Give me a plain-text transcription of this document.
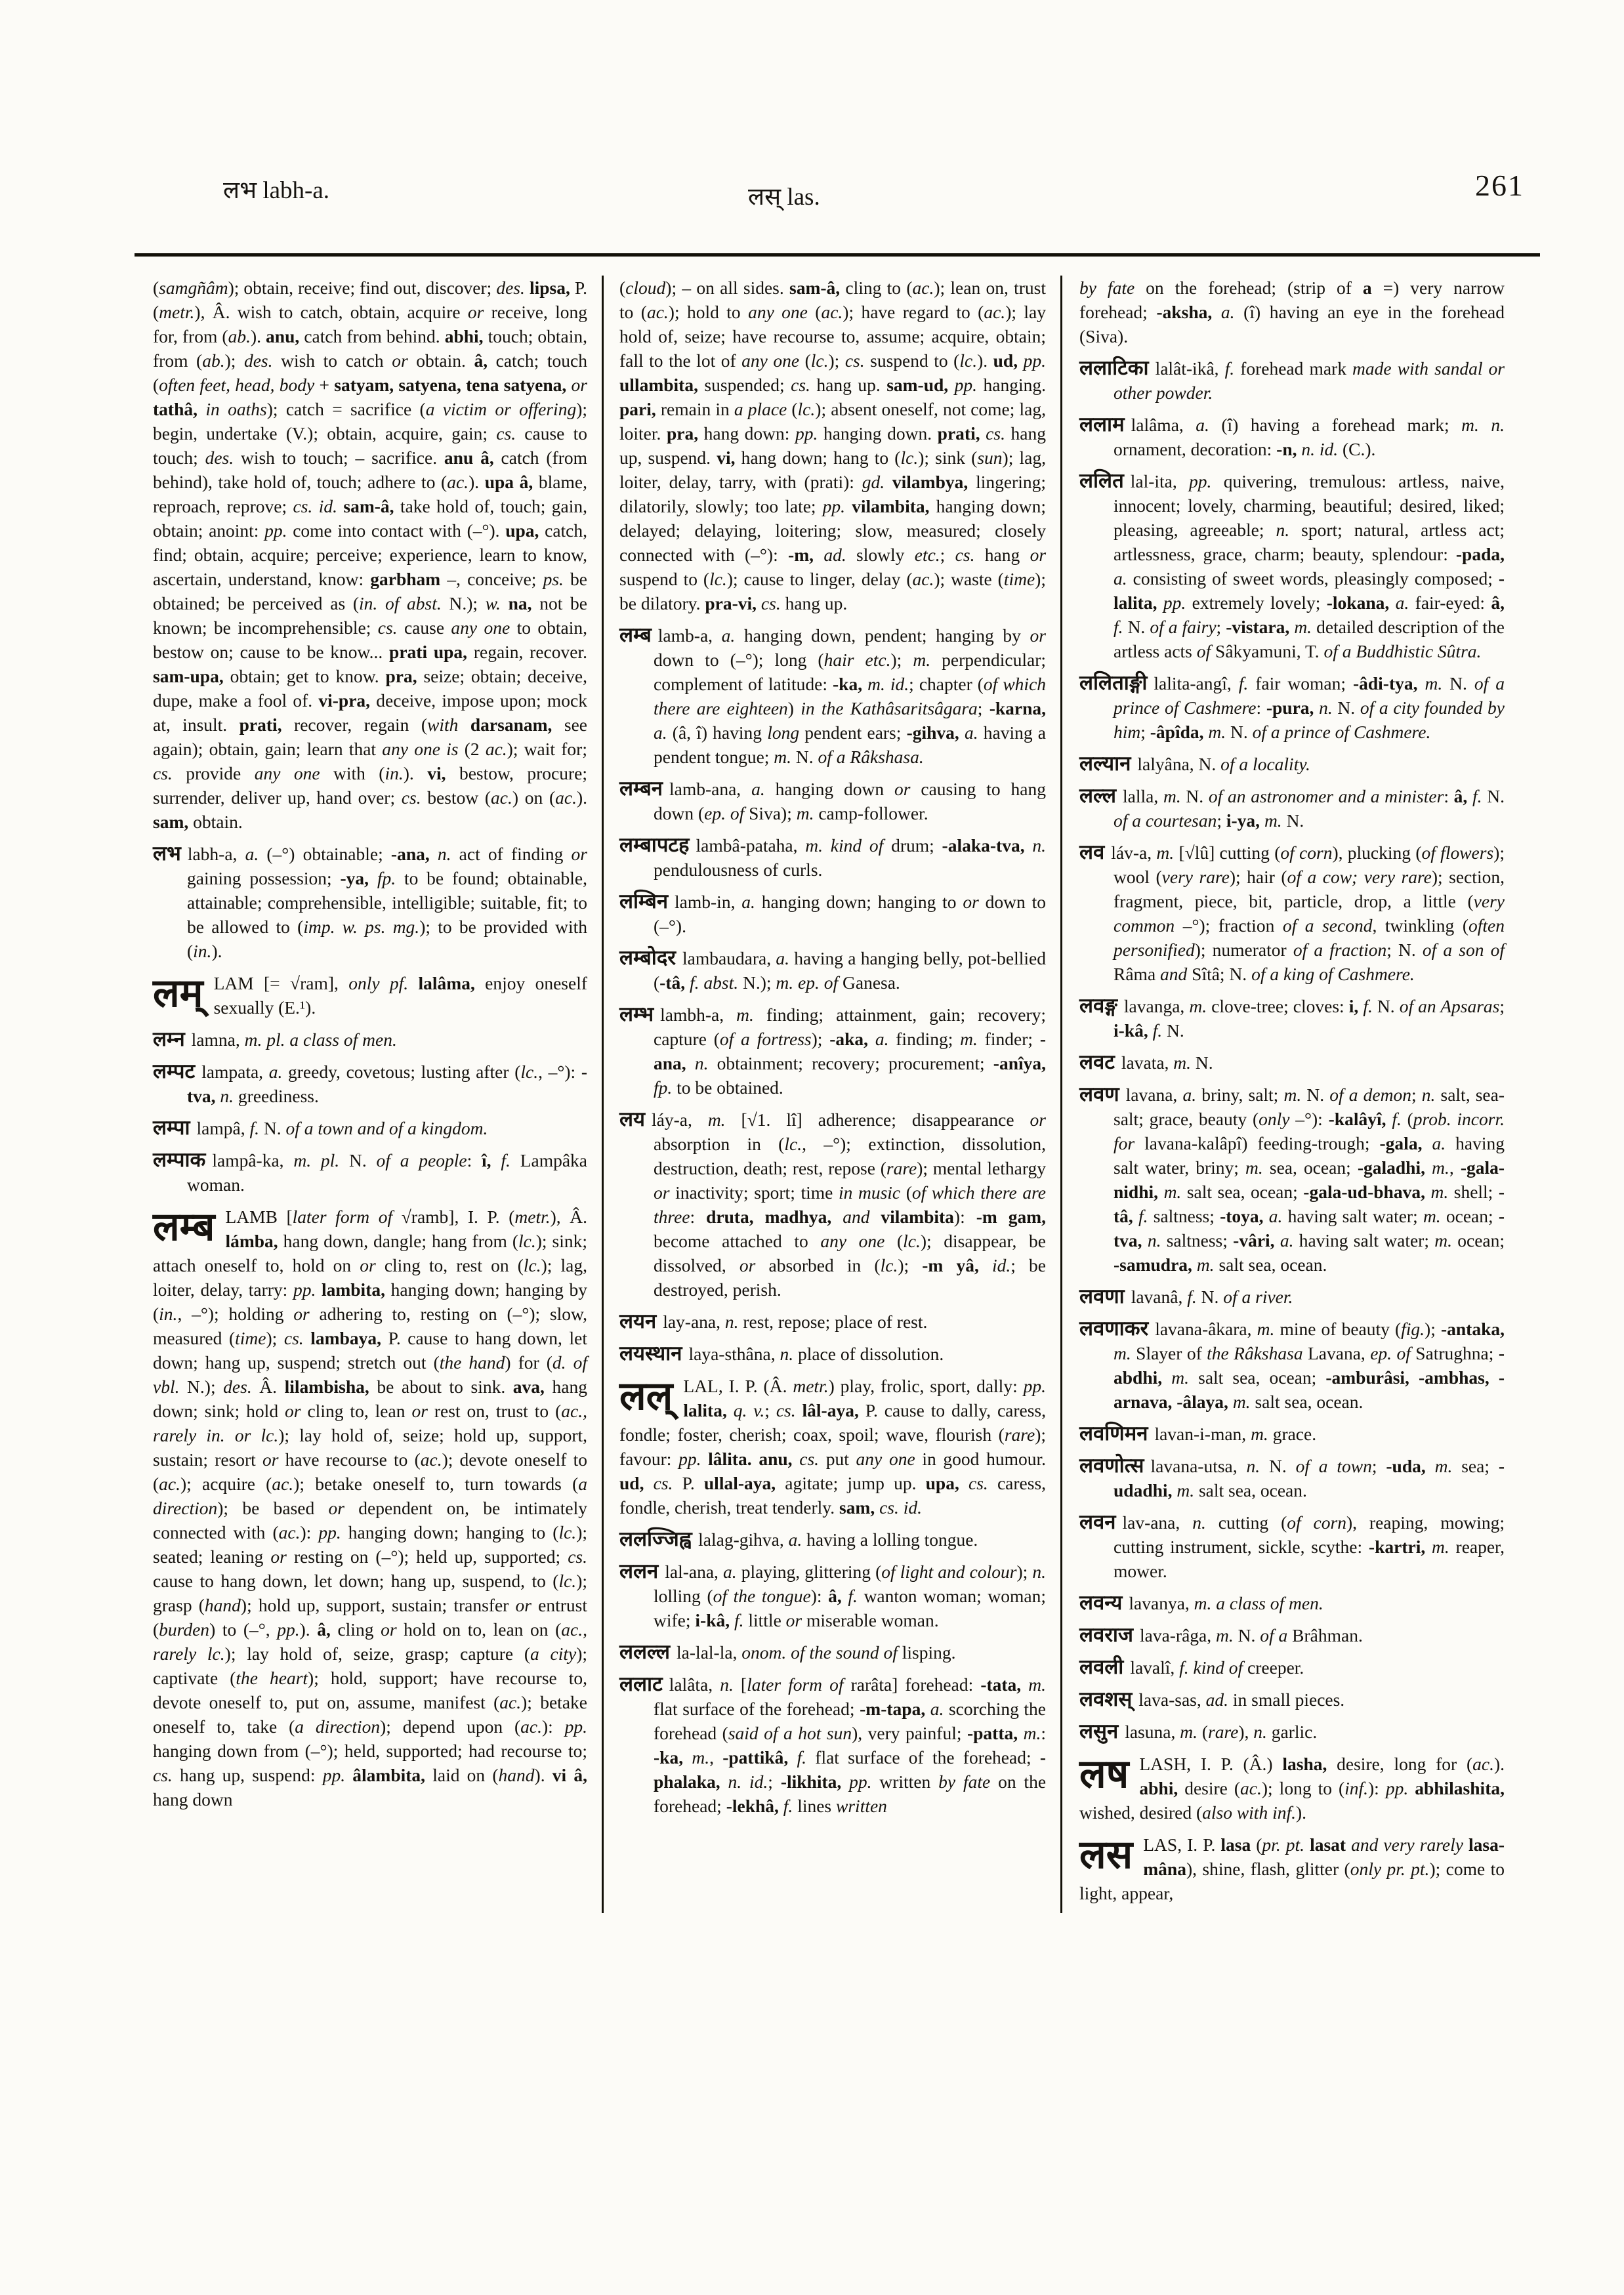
लभ labh-a.	लस् las.	261

(samgñâm); obtain, receive; find out, discover; des. lipsa, P. (metr.), Â. wish to catch, obtain, acquire or receive, long for, from (ab.). anu, catch from behind. abhi, touch; obtain, from (ab.); des. wish to catch or obtain. â, catch; touch (often feet, head, body + satyam, satyena, tena satyena, or tathâ, in oaths); catch = sacrifice (a victim or offering); begin, undertake (V.); obtain, acquire, gain; cs. cause to touch; des. wish to touch; – sacrifice. anu â, catch (from behind), take hold of, touch; adhere to (ac.). upa â, blame, reproach, reprove; cs. id. sam-â, take hold of, touch; gain, obtain; anoint: pp. come into contact with (–°). upa, catch, find; obtain, acquire; perceive; experience, learn to know, ascertain, understand, know: garbham –, conceive; ps. be obtained; be perceived as (in. of abst. N.); w. na, not be known; be incomprehensible; cs. cause any one to obtain, bestow on; cause to be know... prati upa, regain, recover. sam-upa, obtain; get to know. pra, seize; obtain; deceive, dupe, make a fool of. vi-pra, deceive, impose upon; mock at, insult. prati, recover, regain (with darsanam, see again); obtain, gain; learn that any one is (2 ac.); wait for; cs. provide any one with (in.). vi, bestow, procure; surrender, deliver up, hand over; cs. bestow (ac.) on (ac.). sam, obtain.

लभ labh-a, a. (–°) obtainable; -ana, n. act of finding or gaining possession; -ya, fp. to be found; obtainable, attainable; comprehensible, intelligible; suitable, fit; to be allowed to (imp. w. ps. mg.); to be provided with (in.).

लम् LAM [= √ram], only pf. lalâma, enjoy oneself sexually (E.¹).

लम्न lamna, m. pl. a class of men.

लम्पट lampata, a. greedy, covetous; lusting after (lc., –°): -tva, n. greediness.

लम्पा lampâ, f. N. of a town and of a kingdom.

लम्पाक lampâ-ka, m. pl. N. of a people: î, f. Lampâka woman.

लम्ब LAMB [later form of √ramb], I. P. (metr.), Â. lámba, hang down, dangle; hang from (lc.); sink; attach oneself to, hold on or cling to, rest on (lc.); lag, loiter, delay, tarry: pp. lambita, hanging down; hanging by (in., –°); holding or adhering to, resting on (–°); slow, measured (time); cs. lambaya, P. cause to hang down, let down; hang up, suspend; stretch out (the hand) for (d. of vbl. N.); des. Â. lilambisha, be about to sink. ava, hang down; sink; hold or cling to, lean or rest on, trust to (ac., rarely in. or lc.); lay hold of, seize; hold up, support, sustain; resort or have recourse to (ac.); devote oneself to (ac.); acquire (ac.); betake oneself to, turn towards (a direction); be based or dependent on, be intimately connected with (ac.): pp. hanging down; hanging to (lc.); seated; leaning or resting on (–°); held up, supported; cs. cause to hang down, let down; hang up, suspend, to (lc.); grasp (hand); hold up, support, sustain; transfer or entrust (burden) to (–°, pp.). â, cling or hold on to, lean on (ac., rarely lc.); lay hold of, seize, grasp; capture (a city); captivate (the heart); hold, support; have recourse to, devote oneself to, put on, assume, manifest (ac.); betake oneself to, take (a direction); depend upon (ac.): pp. hanging down from (–°); held, supported; had recourse to; cs. hang up, suspend: pp. âlambita, laid on (hand). vi â, hang down

(cloud); – on all sides. sam-â, cling to (ac.); lean on, trust to (ac.); hold to any one (ac.); have regard to (ac.); lay hold of, seize; have recourse to, assume; acquire, obtain; fall to the lot of any one (lc.); cs. suspend to (lc.). ud, pp. ullambita, suspended; cs. hang up. sam-ud, pp. hanging. pari, remain in a place (lc.); absent oneself, not come; lag, loiter. pra, hang down: pp. hanging down. prati, cs. hang up, suspend. vi, hang down; hang to (lc.); sink (sun); lag, loiter, delay, tarry, with (prati): gd. vilambya, lingering; dilatorily, slowly; too late; pp. vilambita, hanging down; delayed; delaying, loitering; slow, measured; closely connected with (–°): -m, ad. slowly etc.; cs. hang or suspend to (lc.); cause to linger, delay (ac.); waste (time); be dilatory. pra-vi, cs. hang up.

लम्ब lamb-a, a. hanging down, pendent; hanging by or down to (–°); long (hair etc.); m. perpendicular; complement of latitude: -ka, m. id.; chapter (of which there are eighteen) in the Kathâsaritsâgara; -karna, a. (â, î) having long pendent ears; -gihva, a. having a pendent tongue; m. N. of a Râkshasa.

लम्बन lamb-ana, a. hanging down or causing to hang down (ep. of Siva); m. camp-follower.

लम्बापटह lambâ-pataha, m. kind of drum; -alaka-tva, n. pendulousness of curls.

लम्बिन lamb-in, a. hanging down; hanging to or down to (–°).

लम्बोदर lambaudara, a. having a hanging belly, pot-bellied (-tâ, f. abst. N.); m. ep. of Ganesa.

लम्भ lambh-a, m. finding; attainment, gain; recovery; capture (of a fortress); -aka, a. finding; m. finder; -ana, n. obtainment; recovery; procurement; -anîya, fp. to be obtained.

लय láy-a, m. [√1. lî] adherence; disappearance or absorption in (lc., –°); extinction, dissolution, destruction, death; rest, repose (rare); mental lethargy or inactivity; sport; time in music (of which there are three: druta, madhya, and vilambita): -m gam, become attached to any one (lc.); disappear, be dissolved, or absorbed in (lc.); -m yâ, id.; be destroyed, perish.

लयन lay-ana, n. rest, repose; place of rest.

लयस्थान laya-sthâna, n. place of dissolution.

लल् LAL, I. P. (Â. metr.) play, frolic, sport, dally: pp. lalita, q. v.; cs. lâl-aya, P. cause to dally, caress, fondle; foster, cherish; coax, spoil; wave, flourish (rare); favour: pp. lâlita. anu, cs. put any one in good humour. ud, cs. P. ullal-aya, agitate; jump up. upa, cs. caress, fondle, cherish, treat tenderly. sam, cs. id.

ललज्जिह्व lalag-gihva, a. having a lolling tongue.

ललन lal-ana, a. playing, glittering (of light and colour); n. lolling (of the tongue): â, f. wanton woman; woman; wife; i-kâ, f. little or miserable woman.

ललल्ल la-lal-la, onom. of the sound of lisping.

ललाट lalâta, n. [later form of rarâta] forehead: -tata, m. flat surface of the forehead; -m-tapa, a. scorching the forehead (said of a hot sun), very painful; -patta, m.: -ka, m., -pattikâ, f. flat surface of the forehead; -phalaka, n. id.; -likhita, pp. written by fate on the forehead; -lekhâ, f. lines written

by fate on the forehead; (strip of a =) very narrow forehead; -aksha, a. (î) having an eye in the forehead (Siva).

ललाटिका lalât-ikâ, f. forehead mark made with sandal or other powder.

ललाम lalâma, a. (î) having a forehead mark; m. n. ornament, decoration: -n, n. id. (C.).

ललित lal-ita, pp. quivering, tremulous: artless, naive, innocent; lovely, charming, beautiful; desired, liked; pleasing, agreeable; n. sport; natural, artless act; artlessness, grace, charm; beauty, splendour: -pada, a. consisting of sweet words, pleasingly composed; -lalita, pp. extremely lovely; -lokana, a. fair-eyed: â, f. N. of a fairy; -vistara, m. detailed description of the artless acts of Sâkyamuni, T. of a Buddhistic Sûtra.

ललिताङ्गी lalita-angî, f. fair woman; -âdi-tya, m. N. of a prince of Cashmere: -pura, n. N. of a city founded by him; -âpîda, m. N. of a prince of Cashmere.

लल्यान lalyâna, N. of a locality.

लल्ल lalla, m. N. of an astronomer and a minister: â, f. N. of a courtesan; i-ya, m. N.

लव láv-a, m. [√lû] cutting (of corn), plucking (of flowers); wool (very rare); hair (of a cow; very rare); section, fragment, piece, bit, particle, drop, a little (very common –°); fraction of a second, twinkling (often personified); numerator of a fraction; N. of a son of Râma and Sîtâ; N. of a king of Cashmere.

लवङ्ग lavanga, m. clove-tree; cloves: i, f. N. of an Apsaras; i-kâ, f. N.

लवट lavata, m. N.

लवण lavana, a. briny, salt; m. N. of a demon; n. salt, sea-salt; grace, beauty (only –°): -kalâyî, f. (prob. incorr. for lavana-kalâpî) feeding-trough; -gala, a. having salt water, briny; m. sea, ocean; -galadhi, m., -gala-nidhi, m. salt sea, ocean; -gala-ud-bhava, m. shell; -tâ, f. saltness; -toya, a. having salt water; m. ocean; -tva, n. saltness; -vâri, a. having salt water; m. ocean; -samudra, m. salt sea, ocean.

लवणा lavanâ, f. N. of a river.

लवणाकर lavana-âkara, m. mine of beauty (fig.); -antaka, m. Slayer of the Râkshasa Lavana, ep. of Satrughna; -abdhi, m. salt sea, ocean; -amburâsi, -ambhas, -arnava, -âlaya, m. salt sea, ocean.

लवणिमन lavan-i-man, m. grace.

लवणोत्स lavana-utsa, n. N. of a town; -uda, m. sea; -udadhi, m. salt sea, ocean.

लवन lav-ana, n. cutting (of corn), reaping, mowing; cutting instrument, sickle, scythe: -kartri, m. reaper, mower.

लवन्य lavanya, m. a class of men.

लवराज lava-râga, m. N. of a Brâhman.

लवली lavalî, f. kind of creeper.

लवशस् lava-sas, ad. in small pieces.

लसुन lasuna, m. (rare), n. garlic.

लष LASH, I. P. (Â.) lasha, desire, long for (ac.). abhi, desire (ac.); long to (inf.): pp. abhilashita, wished, desired (also with inf.).

लस LAS, I. P. lasa (pr. pt. lasat and very rarely lasa-mâna), shine, flash, glitter (only pr. pt.); come to light, appear,
